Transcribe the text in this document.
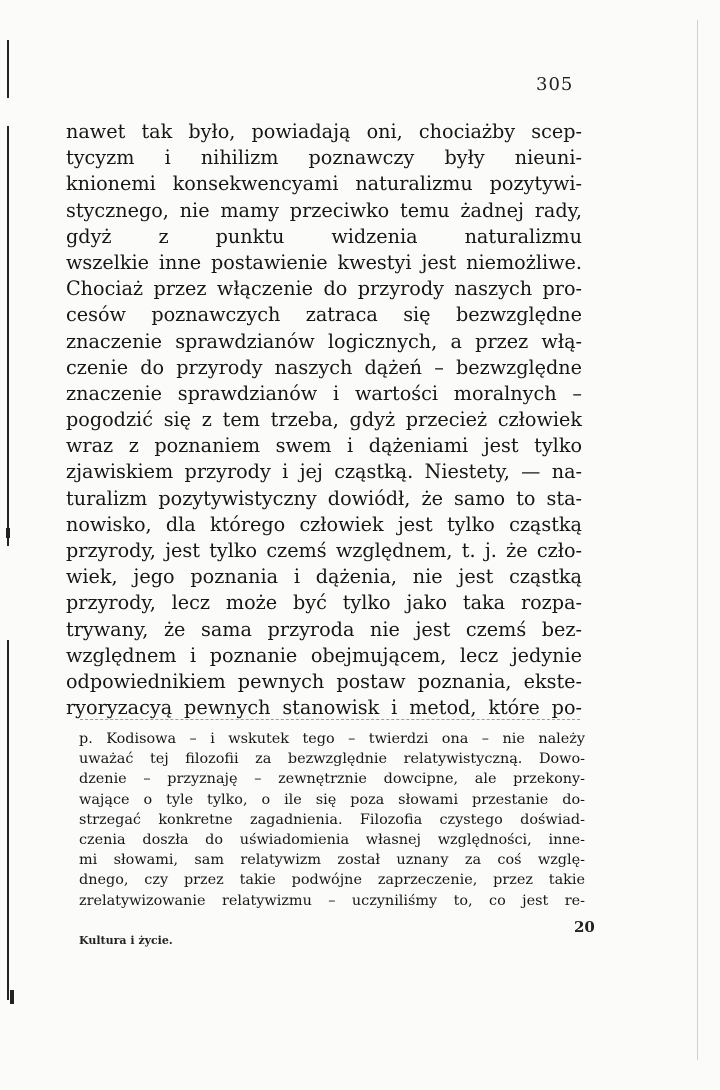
305
nawet tak było, powiadają oni, chociażby scep-
tycyzm i nihilizm poznawczy były nieuni-
knionemi konsekwencyami naturalizmu pozytywi-
stycznego, nie mamy przeciwko temu żadnej rady,
gdyż z punktu widzenia naturalizmu
wszelkie inne postawienie kwestyi jest niemożliwe.
Chociaż przez włączenie do przyrody naszych pro-
cesów poznawczych zatraca się bezwzględne
znaczenie sprawdzianów logicznych, a przez włą-
czenie do przyrody naszych dążeń – bezwzględne
znaczenie sprawdzianów i wartości moralnych –
pogodzić się z tem trzeba, gdyż przecież człowiek
wraz z poznaniem swem i dążeniami jest tylko
zjawiskiem przyrody i jej cząstką. Niestety, — na-
turalizm pozytywistyczny dowiódł, że samo to sta-
nowisko, dla którego człowiek jest tylko cząstką
przyrody, jest tylko czemś względnem, t. j. że czło-
wiek, jego poznania i dążenia, nie jest cząstką
przyrody, lecz może być tylko jako taka rozpa-
trywany, że sama przyroda nie jest czemś bez-
względnem i poznanie obejmującem, lecz jedynie
odpowiednikiem pewnych postaw poznania, ekste-
ryoryzacyą pewnych stanowisk i metod, które po-
p. Kodisowa – i wskutek tego – twierdzi ona – nie należy
uważać tej filozofii za bezwzględnie relatywistyczną. Dowo-
dzenie – przyznaję – zewnętrznie dowcipne, ale przekony-
wające o tyle tylko, o ile się poza słowami przestanie do-
strzegać konkretne zagadnienia. Filozofia czystego doświad-
czenia doszła do uświadomienia własnej względności, inne-
mi słowami, sam relatywizm został uznany za coś wzglę-
dnego, czy przez takie podwójne zaprzeczenie, przez takie
zrelatywizowanie relatywizmu – uczyniliśmy to, co jest re-
20
Kultura i życie.
